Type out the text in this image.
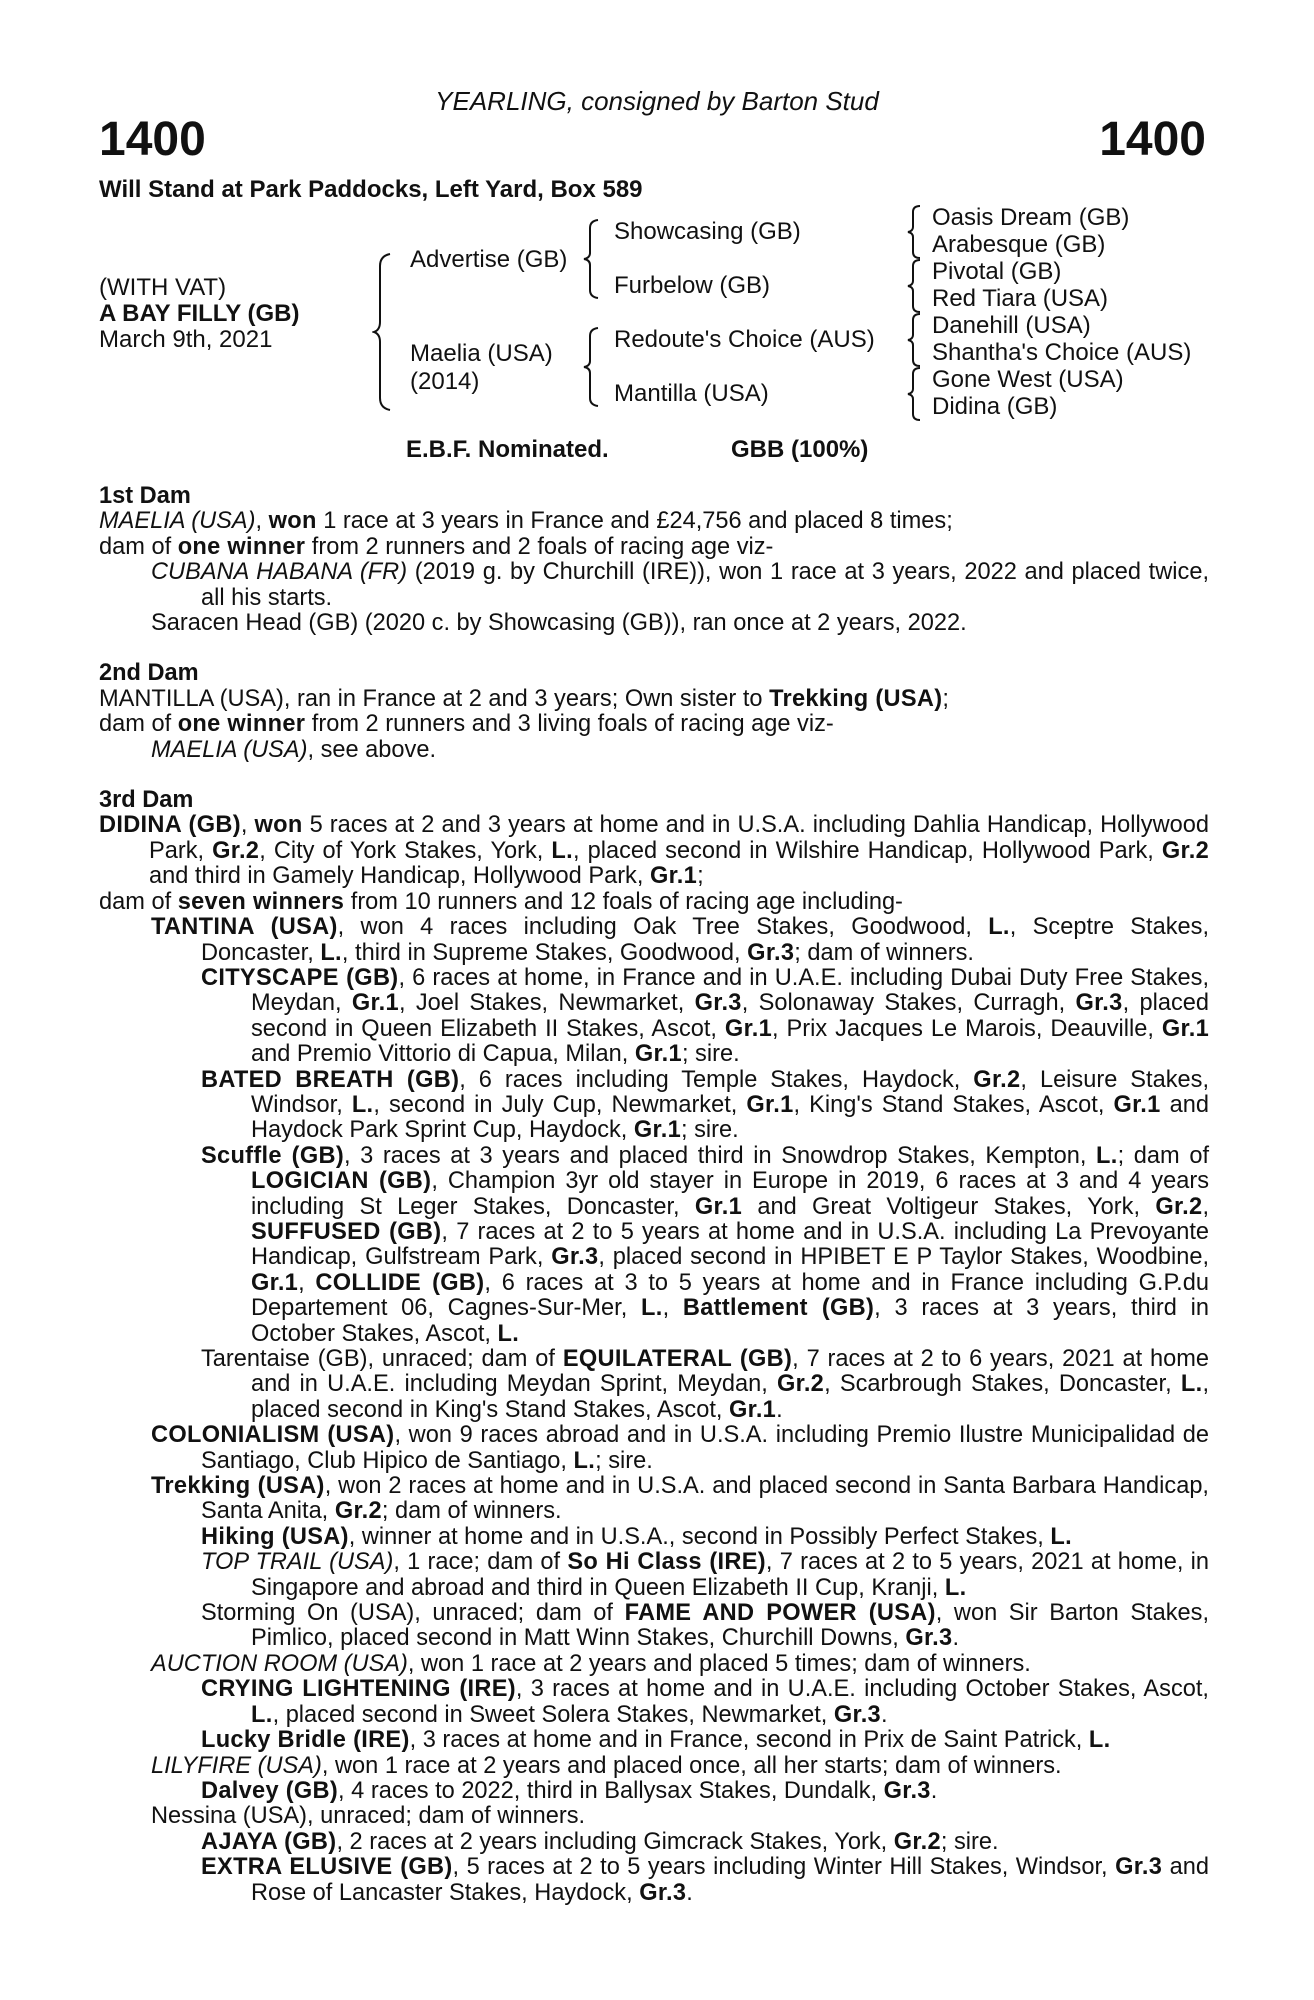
YEARLING, consigned by Barton Stud
1400	1400
Will Stand at Park Paddocks, Left Yard, Box 589
(WITH VAT)
A BAY FILLY (GB)
March 9th, 2021
Advertise (GB)
Maelia (USA)
(2014)
Showcasing (GB)
Furbelow (GB)
Redoute's Choice (AUS)
Mantilla (USA)
Oasis Dream (GB)
Arabesque (GB)
Pivotal (GB)
Red Tiara (USA)
Danehill (USA)
Shantha's Choice (AUS)
Gone West (USA)
Didina (GB)
E.B.F. Nominated.	GBB (100%)

1st Dam

MAELIA (USA), won 1 race at 3 years in France and £24,756 and placed 8 times;

dam of one winner from 2 runners and 2 foals of racing age viz-

CUBANA HABANA (FR) (2019 g. by Churchill (IRE)), won 1 race at 3 years, 2022 and placed twice, all his starts.

Saracen Head (GB) (2020 c. by Showcasing (GB)), ran once at 2 years, 2022.

2nd Dam

MANTILLA (USA), ran in France at 2 and 3 years; Own sister to Trekking (USA);

dam of one winner from 2 runners and 3 living foals of racing age viz-

MAELIA (USA), see above.

3rd Dam

DIDINA (GB), won 5 races at 2 and 3 years at home and in U.S.A. including Dahlia Handicap, Hollywood Park, Gr.2, City of York Stakes, York, L., placed second in Wilshire Handicap, Hollywood Park, Gr.2 and third in Gamely Handicap, Hollywood Park, Gr.1;

dam of seven winners from 10 runners and 12 foals of racing age including-

TANTINA (USA), won 4 races including Oak Tree Stakes, Goodwood, L., Sceptre Stakes, Doncaster, L., third in Supreme Stakes, Goodwood, Gr.3; dam of winners.

CITYSCAPE (GB), 6 races at home, in France and in U.A.E. including Dubai Duty Free Stakes, Meydan, Gr.1, Joel Stakes, Newmarket, Gr.3, Solonaway Stakes, Curragh, Gr.3, placed second in Queen Elizabeth II Stakes, Ascot, Gr.1, Prix Jacques Le Marois, Deauville, Gr.1 and Premio Vittorio di Capua, Milan, Gr.1; sire.

BATED BREATH (GB), 6 races including Temple Stakes, Haydock, Gr.2, Leisure Stakes, Windsor, L., second in July Cup, Newmarket, Gr.1, King's Stand Stakes, Ascot, Gr.1 and Haydock Park Sprint Cup, Haydock, Gr.1; sire.

Scuffle (GB), 3 races at 3 years and placed third in Snowdrop Stakes, Kempton, L.; dam of LOGICIAN (GB), Champion 3yr old stayer in Europe in 2019, 6 races at 3 and 4 years including St Leger Stakes, Doncaster, Gr.1 and Great Voltigeur Stakes, York, Gr.2, SUFFUSED (GB), 7 races at 2 to 5 years at home and in U.S.A. including La Prevoyante Handicap, Gulfstream Park, Gr.3, placed second in HPIBET E P Taylor Stakes, Woodbine, Gr.1, COLLIDE (GB), 6 races at 3 to 5 years at home and in France including G.P.du Departement 06, Cagnes-Sur-Mer, L., Battlement (GB), 3 races at 3 years, third in October Stakes, Ascot, L.

Tarentaise (GB), unraced; dam of EQUILATERAL (GB), 7 races at 2 to 6 years, 2021 at home and in U.A.E. including Meydan Sprint, Meydan, Gr.2, Scarbrough Stakes, Doncaster, L., placed second in King's Stand Stakes, Ascot, Gr.1.

COLONIALISM (USA), won 9 races abroad and in U.S.A. including Premio Ilustre Municipalidad de Santiago, Club Hipico de Santiago, L.; sire.

Trekking (USA), won 2 races at home and in U.S.A. and placed second in Santa Barbara Handicap, Santa Anita, Gr.2; dam of winners.

Hiking (USA), winner at home and in U.S.A., second in Possibly Perfect Stakes, L.

TOP TRAIL (USA), 1 race; dam of So Hi Class (IRE), 7 races at 2 to 5 years, 2021 at home, in Singapore and abroad and third in Queen Elizabeth II Cup, Kranji, L.

Storming On (USA), unraced; dam of FAME AND POWER (USA), won Sir Barton Stakes, Pimlico, placed second in Matt Winn Stakes, Churchill Downs, Gr.3.

AUCTION ROOM (USA), won 1 race at 2 years and placed 5 times; dam of winners.

CRYING LIGHTENING (IRE), 3 races at home and in U.A.E. including October Stakes, Ascot, L., placed second in Sweet Solera Stakes, Newmarket, Gr.3.

Lucky Bridle (IRE), 3 races at home and in France, second in Prix de Saint Patrick, L.

LILYFIRE (USA), won 1 race at 2 years and placed once, all her starts; dam of winners.

Dalvey (GB), 4 races to 2022, third in Ballysax Stakes, Dundalk, Gr.3.

Nessina (USA), unraced; dam of winners.

AJAYA (GB), 2 races at 2 years including Gimcrack Stakes, York, Gr.2; sire.

EXTRA ELUSIVE (GB), 5 races at 2 to 5 years including Winter Hill Stakes, Windsor, Gr.3 and Rose of Lancaster Stakes, Haydock, Gr.3.
